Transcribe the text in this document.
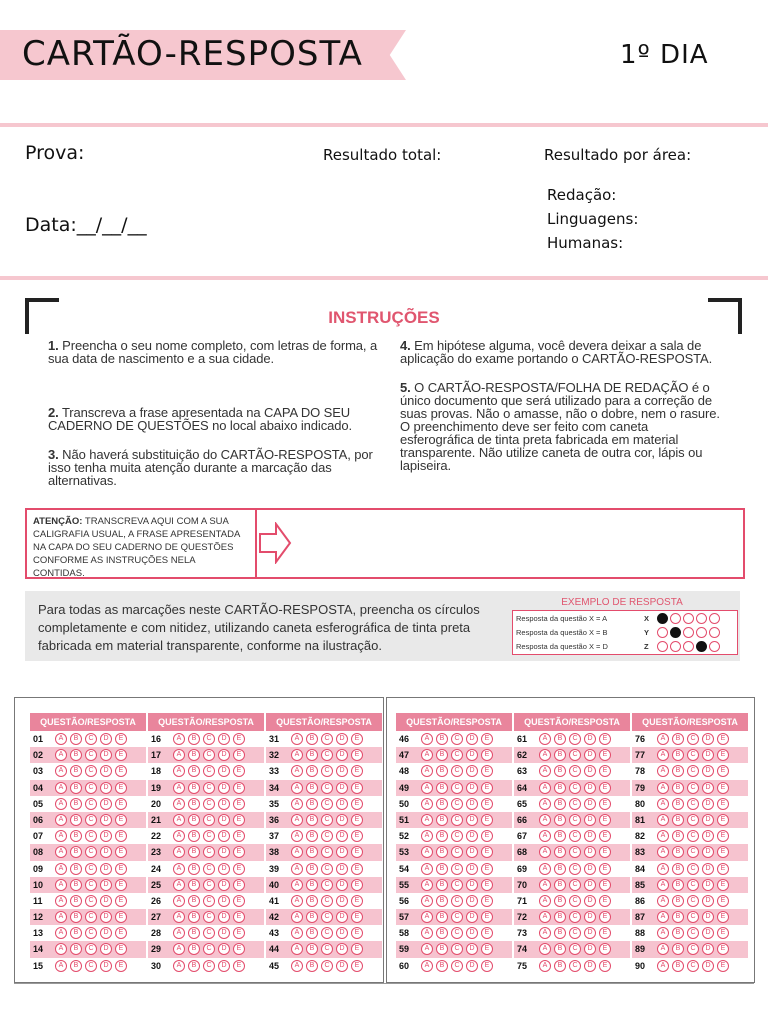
CARTÃO-RESPOSTA	1º DIA
Prova:	Resultado total:	Resultado por área:
Data:__/__/__
Redação:
Linguagens:
Humanas:
INSTRUÇÕES
1. Preencha o seu nome completo, com letras de forma, a sua data de nascimento e a sua cidade.
2. Transcreva a frase apresentada na CAPA DO SEU CADERNO DE QUESTÕES no local abaixo indicado.
3. Não haverá substituição do CARTÃO-RESPOSTA, por isso tenha muita atenção durante a marcação das alternativas.
4. Em hipótese alguma, você devera deixar a sala de aplicação do exame portando o CARTÃO-RESPOSTA.
5. O CARTÃO-RESPOSTA/FOLHA DE REDAÇÃO é o único documento que será utilizado para a correção de suas provas. Não o amasse, não o dobre, nem o rasure. O preenchimento deve ser feito com caneta esferográfica de tinta preta fabricada em material transparente. Não utilize caneta de outra cor, lápis ou lapiseira.
ATENÇÃO: TRANSCREVA AQUI COM A SUA CALIGRAFIA USUAL, A FRASE APRESENTADA NA CAPA DO SEU CADERNO DE QUESTÕES CONFORME AS INSTRUÇÕES NELA CONTIDAS.
Para todas as marcações neste CARTÃO-RESPOSTA, preencha os círculos completamente e com nitidez, utilizando caneta esferográfica de tinta preta fabricada em material transparente, conforme na ilustração.
EXEMPLO DE RESPOSTA
Resposta da questão X = A	X
Resposta da questão X = B	Y
Resposta da questão X = D	Z
QUESTÃO/RESPOSTA
01	A B C D E
02	A B C D E
03	A B C D E
04	A B C D E
05	A B C D E
06	A B C D E
07	A B C D E
08	A B C D E
09	A B C D E
10	A B C D E
11	A B C D E
12	A B C D E
13	A B C D E
14	A B C D E
15	A B C D E
QUESTÃO/RESPOSTA
16	A B C D E
17	A B C D E
18	A B C D E
19	A B C D E
20	A B C D E
21	A B C D E
22	A B C D E
23	A B C D E
24	A B C D E
25	A B C D E
26	A B C D E
27	A B C D E
28	A B C D E
29	A B C D E
30	A B C D E
QUESTÃO/RESPOSTA
31	A B C D E
32	A B C D E
33	A B C D E
34	A B C D E
35	A B C D E
36	A B C D E
37	A B C D E
38	A B C D E
39	A B C D E
40	A B C D E
41	A B C D E
42	A B C D E
43	A B C D E
44	A B C D E
45	A B C D E
QUESTÃO/RESPOSTA
46	A B C D E
47	A B C D E
48	A B C D E
49	A B C D E
50	A B C D E
51	A B C D E
52	A B C D E
53	A B C D E
54	A B C D E
55	A B C D E
56	A B C D E
57	A B C D E
58	A B C D E
59	A B C D E
60	A B C D E
QUESTÃO/RESPOSTA
61	A B C D E
62	A B C D E
63	A B C D E
64	A B C D E
65	A B C D E
66	A B C D E
67	A B C D E
68	A B C D E
69	A B C D E
70	A B C D E
71	A B C D E
72	A B C D E
73	A B C D E
74	A B C D E
75	A B C D E
QUESTÃO/RESPOSTA
76	A B C D E
77	A B C D E
78	A B C D E
79	A B C D E
80	A B C D E
81	A B C D E
82	A B C D E
83	A B C D E
84	A B C D E
85	A B C D E
86	A B C D E
87	A B C D E
88	A B C D E
89	A B C D E
90	A B C D E
